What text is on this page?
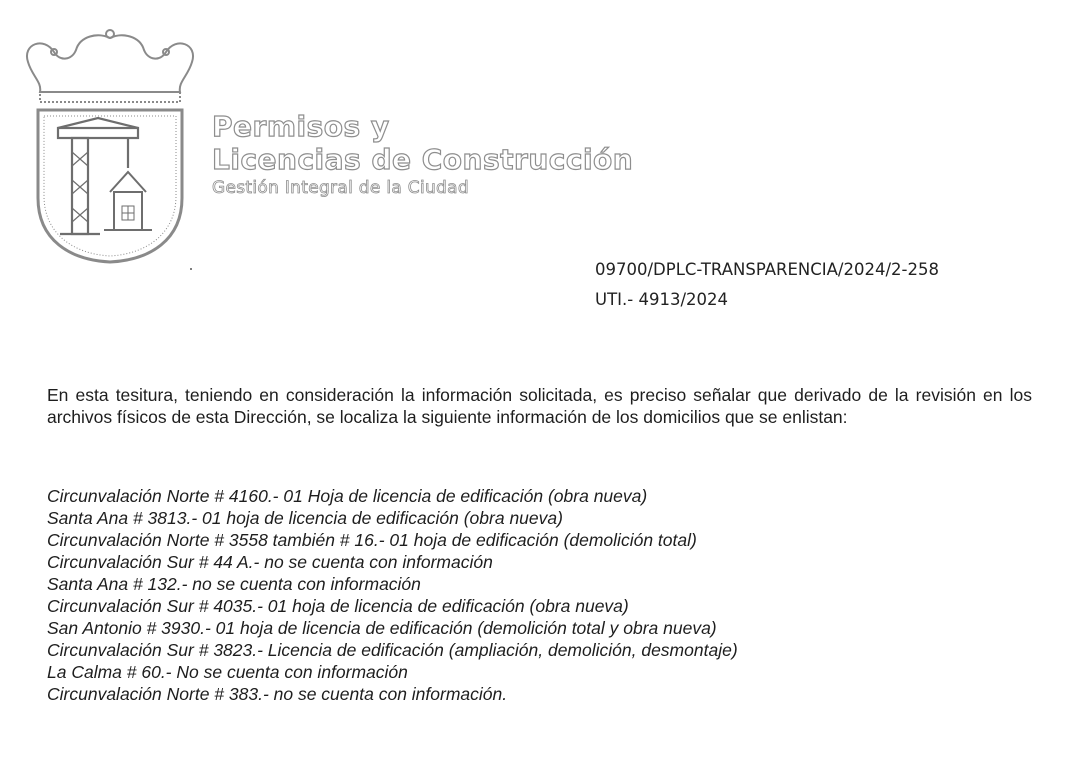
Permisos y
Licencias de Construcción
Gestión Integral de la Ciudad
09700/DPLC-TRANSPARENCIA/2024/2-258
UTI.- 4913/2024

En esta tesitura, teniendo en consideración la información solicitada, es preciso señalar que derivado de la revisión en los archivos físicos de esta Dirección, se localiza la siguiente información de los domicilios que se enlistan:

Circunvalación Norte # 4160.- 01 Hoja de licencia de edificación (obra nueva)
Santa Ana # 3813.- 01 hoja de licencia de edificación (obra nueva)
Circunvalación Norte # 3558 también # 16.- 01 hoja de edificación (demolición total)
Circunvalación Sur # 44 A.- no se cuenta con información
Santa Ana # 132.- no se cuenta con información
Circunvalación Sur # 4035.- 01 hoja de licencia de edificación (obra nueva)
San Antonio # 3930.- 01 hoja de licencia de edificación (demolición total y obra nueva)
Circunvalación Sur # 3823.- Licencia de edificación (ampliación, demolición, desmontaje)
La Calma # 60.- No se cuenta con información
Circunvalación Norte # 383.- no se cuenta con información.
